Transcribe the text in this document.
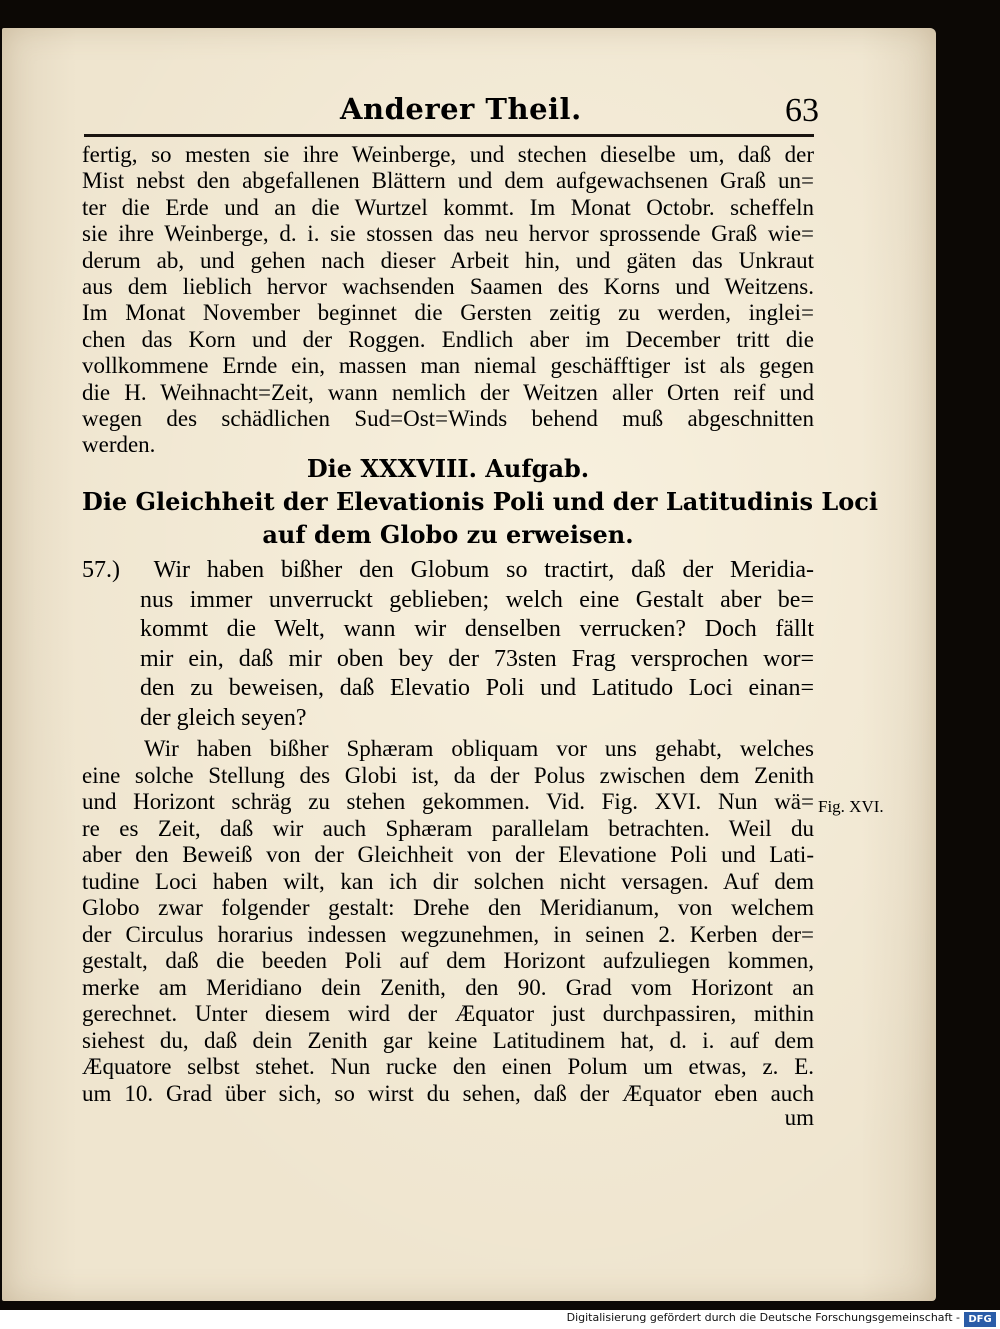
Anderer Theil.	63
fertig, so mesten sie ihre Weinberge, und stechen dieselbe um, daß der
Mist nebst den abgefallenen Blättern und dem aufgewachsenen Graß un=
ter die Erde und an die Wurtzel kommt. Im Monat Octobr. scheffeln
sie ihre Weinberge, d. i. sie stossen das neu hervor sprossende Graß wie=
derum ab, und gehen nach dieser Arbeit hin, und gäten das Unkraut
aus dem lieblich hervor wachsenden Saamen des Korns und Weitzens.
Im Monat November beginnet die Gersten zeitig zu werden, inglei=
chen das Korn und der Roggen. Endlich aber im December tritt die
vollkommene Ernde ein, massen man niemal geschäfftiger ist als gegen
die H. Weihnacht=Zeit, wann nemlich der Weitzen aller Orten reif und
wegen des schädlichen Sud=Ost=Winds behend muß abgeschnitten
werden.
Die XXXVIII. Aufgab.
Die Gleichheit der Elevationis Poli und der Latitudinis Loci
auf dem Globo zu erweisen.
57.) Wir haben bißher den Globum so tractirt, daß der Meridia-
nus immer unverruckt geblieben; welch eine Gestalt aber be=
kommt die Welt, wann wir denselben verrucken? Doch fällt
mir ein, daß mir oben bey der 73sten Frag versprochen wor=
den zu beweisen, daß Elevatio Poli und Latitudo Loci einan=
der gleich seyen?
Wir haben bißher Sphæram obliquam vor uns gehabt, welches
eine solche Stellung des Globi ist, da der Polus zwischen dem Zenith
und Horizont schräg zu stehen gekommen. Vid. Fig. XVI. Nun wä=
re es Zeit, daß wir auch Sphæram parallelam betrachten. Weil du
aber den Beweiß von der Gleichheit von der Elevatione Poli und Lati-
tudine Loci haben wilt, kan ich dir solchen nicht versagen. Auf dem
Globo zwar folgender gestalt: Drehe den Meridianum, von welchem
der Circulus horarius indessen wegzunehmen, in seinen 2. Kerben der=
gestalt, daß die beeden Poli auf dem Horizont aufzuliegen kommen,
merke am Meridiano dein Zenith, den 90. Grad vom Horizont an
gerechnet. Unter diesem wird der Æquator just durchpassiren, mithin
siehest du, daß dein Zenith gar keine Latitudinem hat, d. i. auf dem
Æquatore selbst stehet. Nun rucke den einen Polum um etwas, z. E.
um 10. Grad über sich, so wirst du sehen, daß der Æquator eben auch
um
Fig. XVI.
Digitalisierung gefördert durch die Deutsche Forschungsgemeinschaft - DFG
